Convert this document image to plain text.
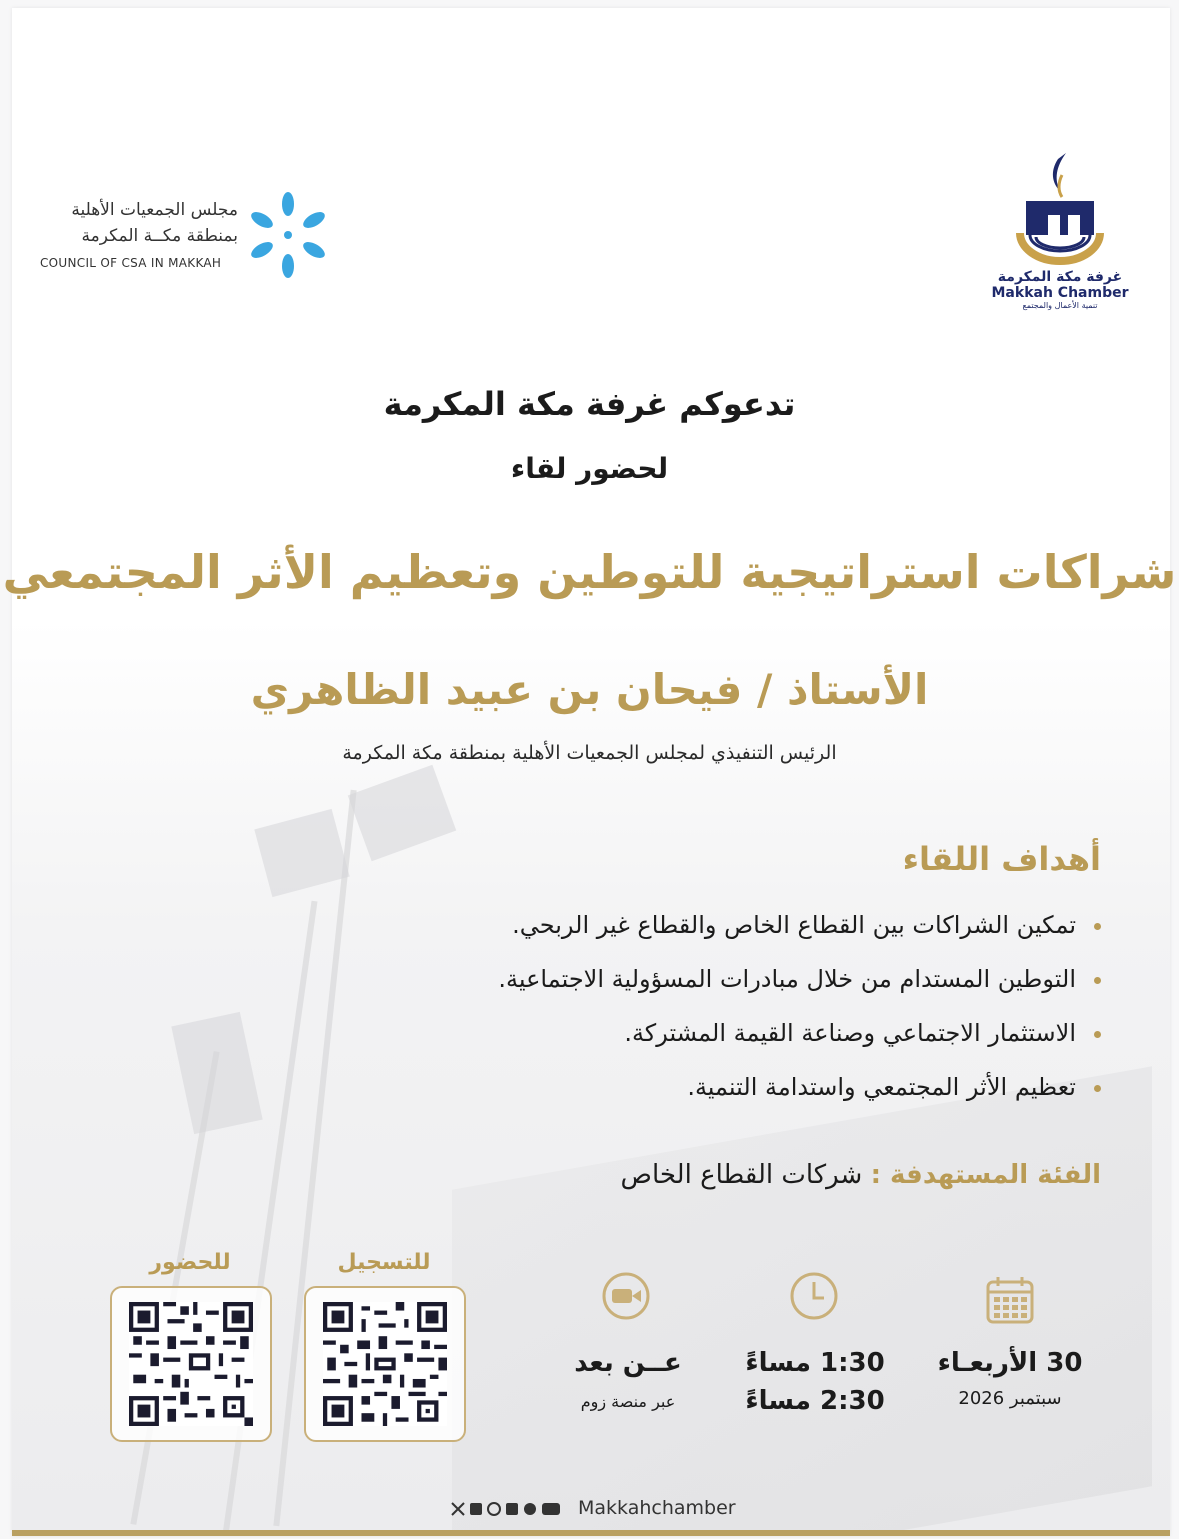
غرفة مكة المكرمة
Makkah Chamber
تنمية الأعمال والمجتمع
مجلس الجمعيات الأهلية
بمنطقة مكــة المكرمة
COUNCIL OF CSA IN MAKKAH
تدعوكم غرفة مكة المكرمة
لحضور لقاء
شراكات استراتيجية للتوطين وتعظيم الأثر المجتمعي
الأستاذ / فيحان بن عبيد الظاهري
الرئيس التنفيذي لمجلس الجمعيات الأهلية بمنطقة مكة المكرمة
أهداف اللقاء
تمكين الشراكات بين القطاع الخاص والقطاع غير الربحي.
التوطين المستدام من خلال مبادرات المسؤولية الاجتماعية.
الاستثمار الاجتماعي وصناعة القيمة المشتركة.
تعظيم الأثر المجتمعي واستدامة التنمية.
الفئة المستهدفة : شركات القطاع الخاص
30 الأربعـاء
سبتمبر 2026
1:30 مساءً
2:30 مساءً
عــن بعد
عبر منصة زوم
للتسجيل
للحضور
Makkahchamber
